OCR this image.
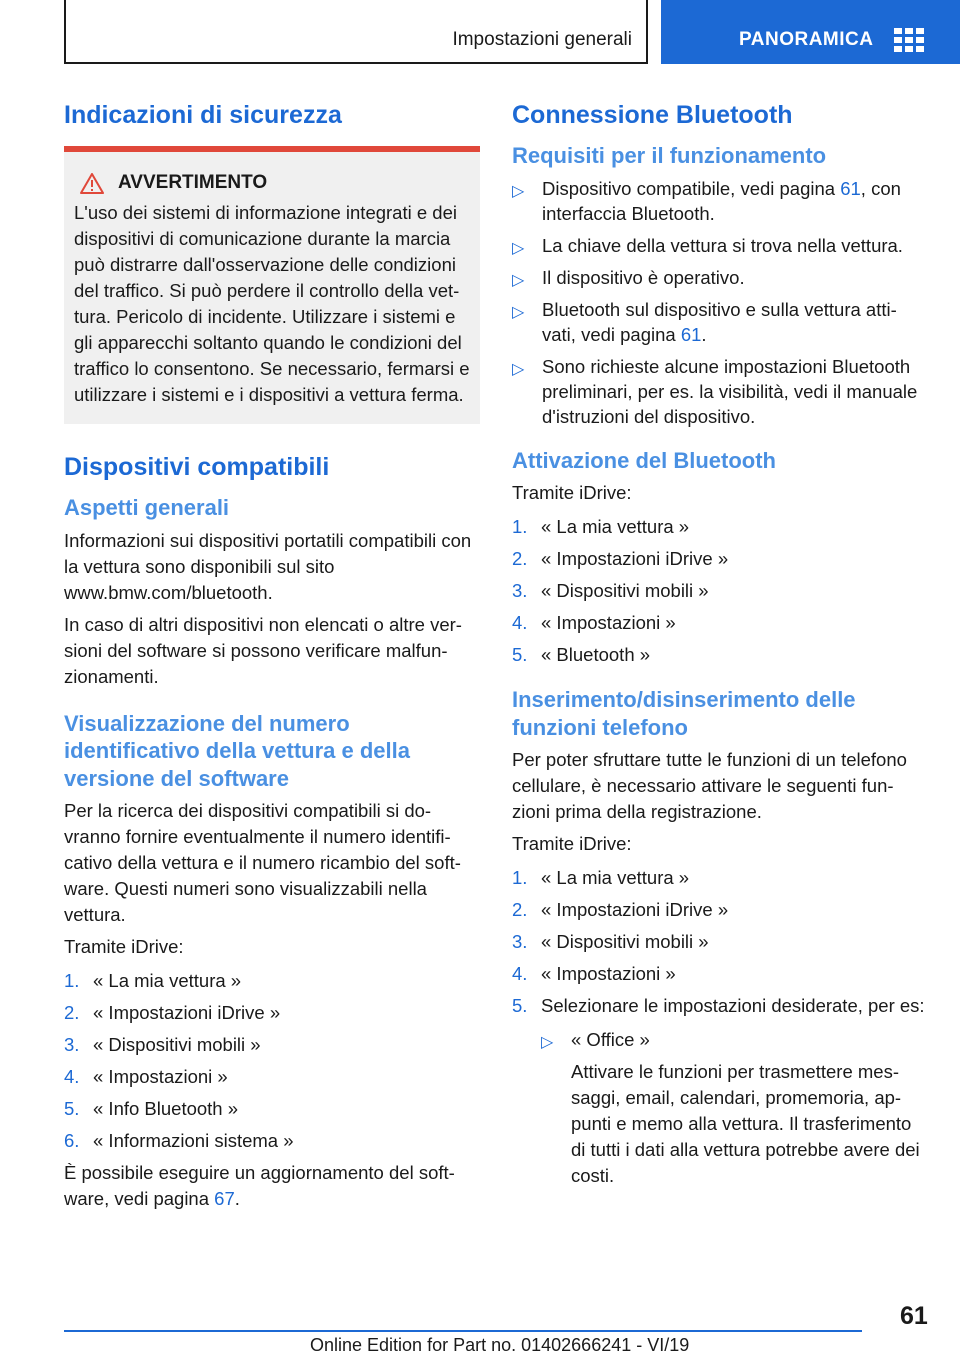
Impostazioni generali	PANORAMICA
Indicazioni di sicurezza
AVVERTIMENTO

L'uso dei sistemi di informazione integrati e dei dispositivi di comunicazione durante la marcia può distrarre dall'osservazione delle condizioni del traffico. Si può perdere il controllo della vet-tura. Pericolo di incidente. Utilizzare i sistemi e gli apparecchi soltanto quando le condizioni del traffico lo consentono. Se necessario, fermarsi e utilizzare i sistemi e i dispositivi a vettura ferma.

Dispositivi compatibili
Aspetti generali

Informazioni sui dispositivi portatili compatibili con la vettura sono disponibili sul sito www.bmw.com/bluetooth.

In caso di altri dispositivi non elencati o altre ver-sioni del software si possono verificare malfun-zionamenti.

Visualizzazione del numero identificativo della vettura e della versione del software

Per la ricerca dei dispositivi compatibili si do-vranno fornire eventualmente il numero identifi-cativo della vettura e il numero ricambio del soft-ware. Questi numeri sono visualizzabili nella vettura.

Tramite iDrive:

1. « La mia vettura »
2. « Impostazioni iDrive »
3. « Dispositivi mobili »
4. « Impostazioni »
5. « Info Bluetooth »
6. « Informazioni sistema »

È possibile eseguire un aggiornamento del soft-ware, vedi pagina 67.

Connessione Bluetooth
Requisiti per il funzionamento
▷ Dispositivo compatibile, vedi pagina 61, con interfaccia Bluetooth.
▷ La chiave della vettura si trova nella vettura.
▷ Il dispositivo è operativo.
▷ Bluetooth sul dispositivo e sulla vettura atti-vati, vedi pagina 61.
▷ Sono richieste alcune impostazioni Bluetooth preliminari, per es. la visibilità, vedi il manuale d'istruzioni del dispositivo.
Attivazione del Bluetooth

Tramite iDrive:

1. « La mia vettura »
2. « Impostazioni iDrive »
3. « Dispositivi mobili »
4. « Impostazioni »
5. « Bluetooth »
Inserimento/disinserimento delle funzioni telefono

Per poter sfruttare tutte le funzioni di un telefono cellulare, è necessario attivare le seguenti fun-zioni prima della registrazione.

Tramite iDrive:

1. « La mia vettura »
2. « Impostazioni iDrive »
3. « Dispositivi mobili »
4. « Impostazioni »
5. Selezionare le impostazioni desiderate, per es:
▷ « Office »
Attivare le funzioni per trasmettere mes-saggi, email, calendari, promemoria, ap-punti e memo alla vettura. Il trasferimento di tutti i dati alla vettura potrebbe avere dei costi.
61
Online Edition for Part no. 01402666241 - VI/19
